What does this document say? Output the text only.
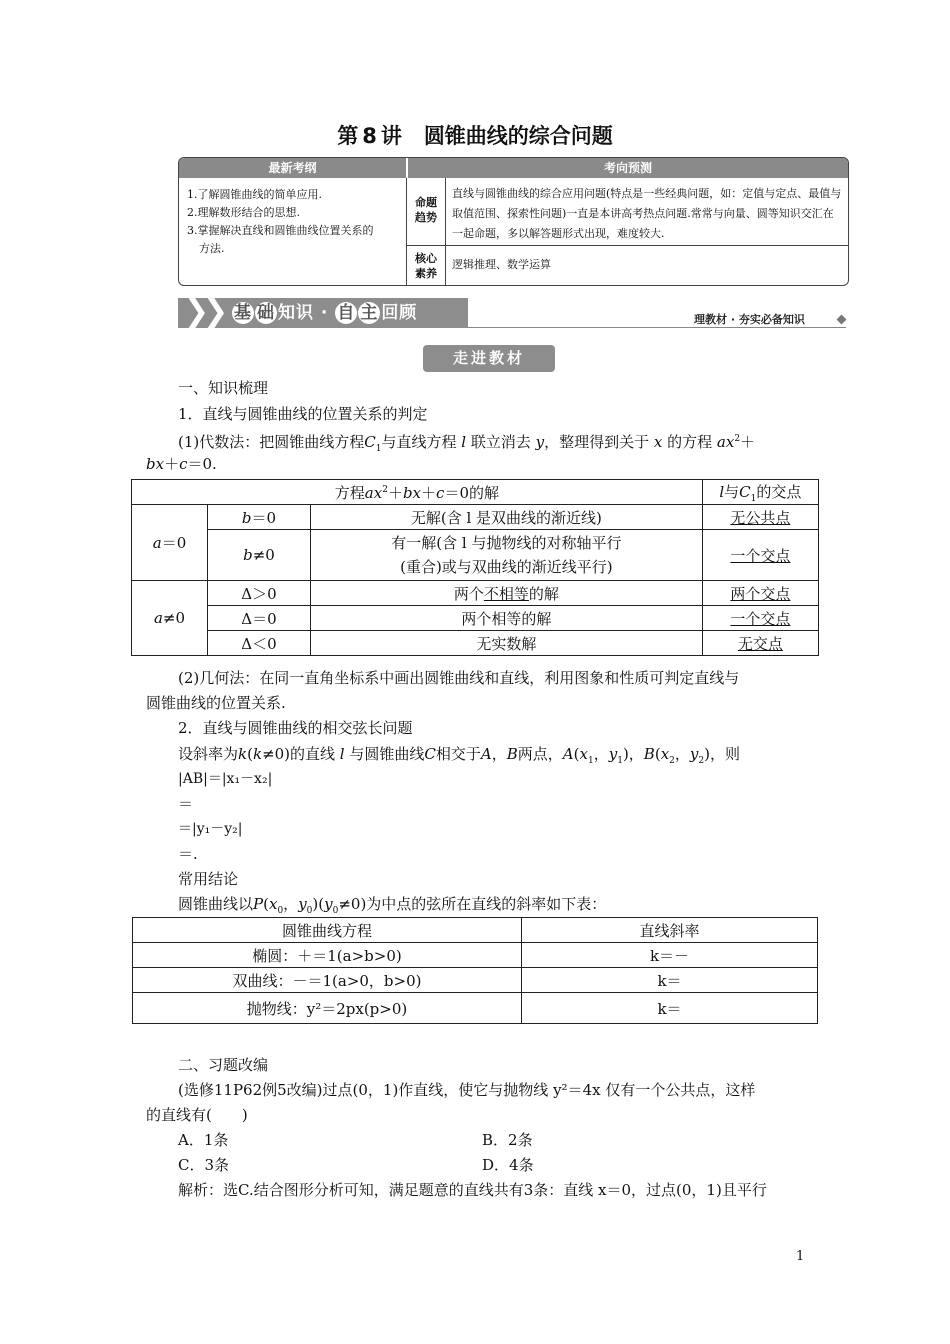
第 8 讲 圆锥曲线的综合问题
最新考纲	考向预测
1.了解圆锥曲线的简单应用.
2.理解数形结合的思想.
3.掌握解决直线和圆锥曲线位置关系的
方法.
命题
趋势
直线与圆锥曲线的综合应用问题(特点是一些经典问题，如：定值与定点、最值与取值范围、探索性问题)一直是本讲高考热点问题.常常与向量、圆等知识交汇在一起命题，多以解答题形式出现，难度较大.
核心
素养
逻辑推理、数学运算
❯❯ 基 础 知识 · 自 主 回顾	理教材 · 夯实必备知识
走进教材
一、知识梳理
1．直线与圆锥曲线的位置关系的判定
(1)代数法：把圆锥曲线方程$C_1$与直线方程 l 联立消去 y，整理得到关于 x 的方程 $ax^2+$
bx＋c＝0.
方程$ax^2+bx+c=0$的解			l与$C_1$的交点
a＝0	b＝0	无解(含 l 是双曲线的渐近线)	无公共点
	b≠0	有一解(含 l 与抛物线的对称轴平行
(重合)或与双曲线的渐近线平行)	一个交点
a≠0	Δ＞0	两个不相等的解	两个交点
	Δ＝0	两个相等的解	一个交点
	Δ＜0	无实数解	无交点
(2)几何法：在同一直角坐标系中画出圆锥曲线和直线，利用图象和性质可判定直线与
圆锥曲线的位置关系.
2．直线与圆锥曲线的相交弦长问题
设斜率为k(k≠0)的直线 l 与圆锥曲线C相交于A，B两点，$A(x_1$，$y_1$)，$B(x_2$，$y_2$)，则
|AB|＝|x₁－x₂|
＝
＝|y₁－y₂|
＝.
常用结论
圆锥曲线以$P(x_0$，$y_0)(y_0\ne 0)$为中点的弦所在直线的斜率如下表：
圆锥曲线方程	直线斜率
椭圆：＋＝1(a>b>0)	k＝－
双曲线：－＝1(a>0，b>0)	k＝
抛物线：y²＝2px(p>0)	k＝
二、习题改编
(选修11P62例5改编)过点(0，1)作直线，使它与抛物线 y²＝4x 仅有一个公共点，这样
的直线有(　　)
A．1条	B．2条
C．3条	D．4条
解析：选C.结合图形分析可知，满足题意的直线共有3条：直线 x＝0，过点(0，1)且平行
1
